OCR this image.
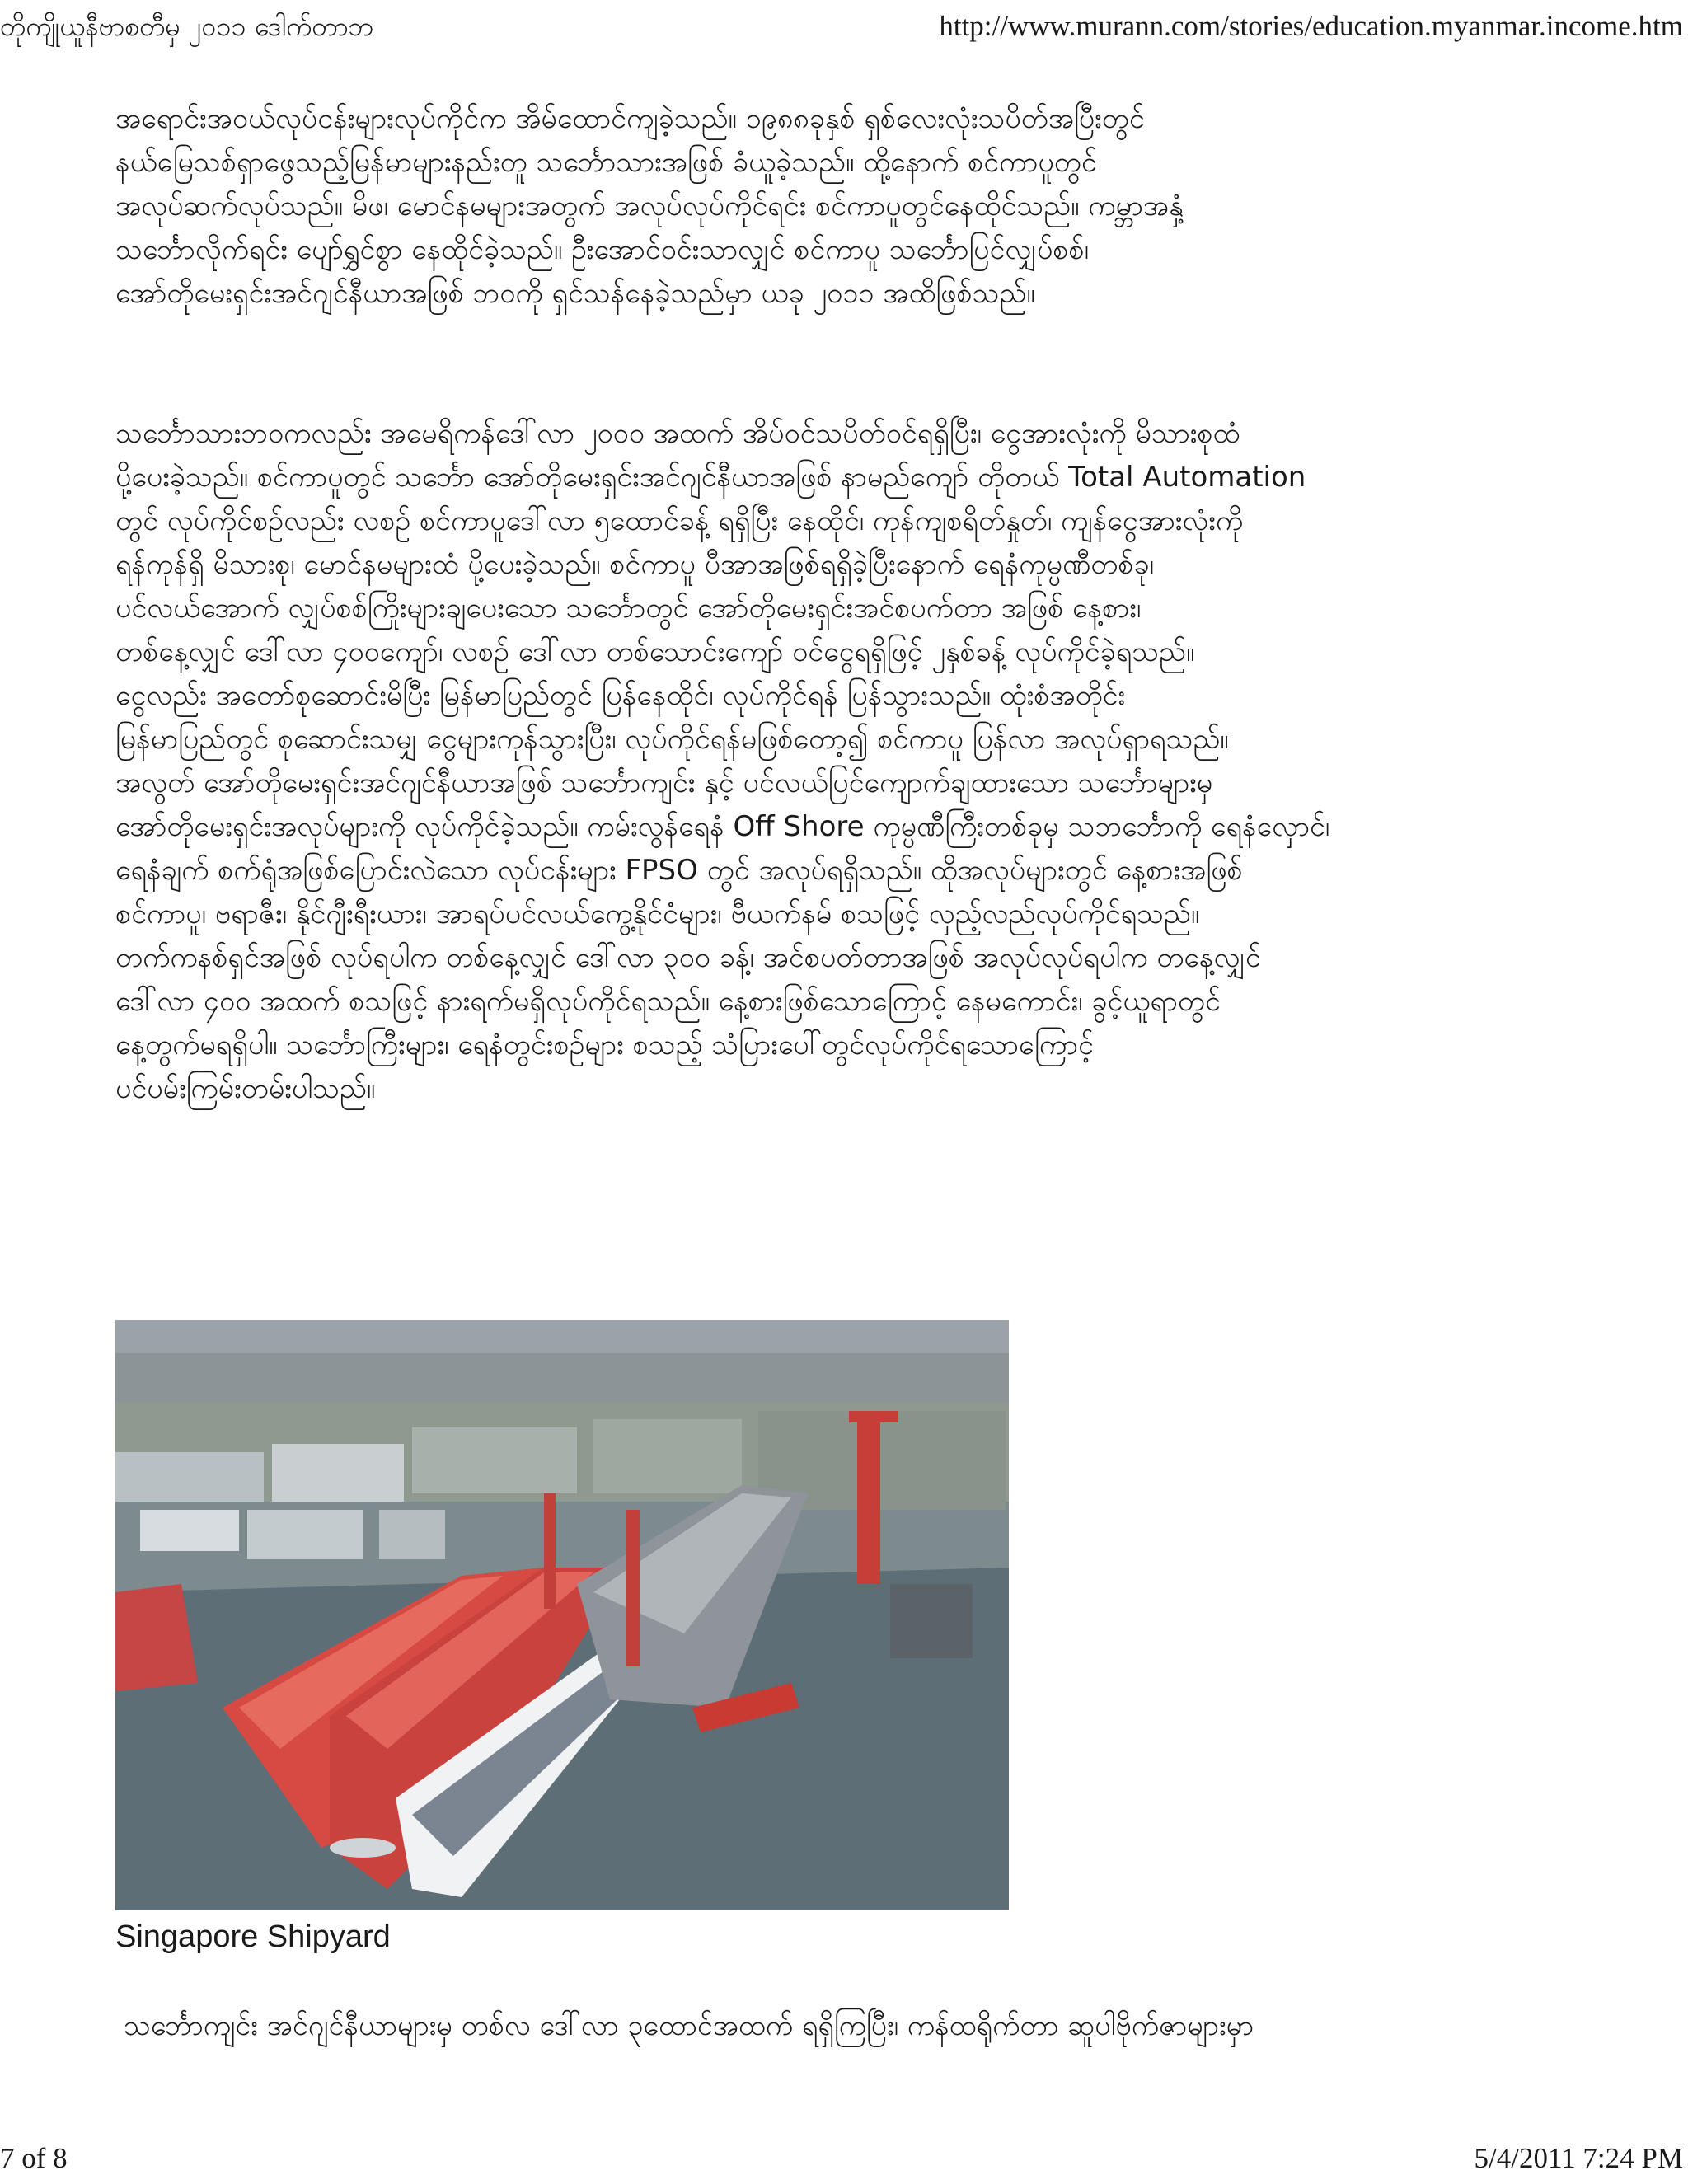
တိုကျိုယူနီဗာစတီမှ ၂၀၁၁ ဒေါက်တာဘ	http://www.murann.com/stories/education.myanmar.income.htm
အရောင်းအဝယ်လုပ်ငန်းများလုပ်ကိုင်က အိမ်ထောင်ကျခဲ့သည်။ ၁၉၈၈ခုနှစ် ရှစ်လေးလုံးသပိတ်အပြီးတွင်
နယ်မြေသစ်ရှာဖွေသည့်မြန်မာများနည်းတူ သင်္ဘောသားအဖြစ် ခံယူခဲ့သည်။ ထို့နောက် စင်ကာပူတွင်
အလုပ်ဆက်လုပ်သည်။ မိဖ၊ မောင်နမများအတွက် အလုပ်လုပ်ကိုင်ရင်း စင်ကာပူတွင်နေထိုင်သည်။ ကမ္ဘာအနှံ့
သင်္ဘောလိုက်ရင်း ပျော်ရွှင်စွာ နေထိုင်ခဲ့သည်။ ဦးအောင်ဝင်းသာလျှင် စင်ကာပူ သင်္ဘောပြင်လျှပ်စစ်၊
အော်တိုမေးရှင်းအင်ဂျင်နီယာအဖြစ် ဘဝကို ရှင်သန်နေခဲ့သည်မှာ ယခု ၂၀၁၁ အထိဖြစ်သည်။
သင်္ဘောသားဘဝကလည်း အမေရိကန်ဒေါ်လာ ၂၀၀၀ အထက် အိပ်ဝင်သပိတ်ဝင်ရရှိပြီး၊ ငွေအားလုံးကို မိသားစုထံ
ပို့ပေးခဲ့သည်။ စင်ကာပူတွင် သင်္ဘော အော်တိုမေးရှင်းအင်ဂျင်နီယာအဖြစ် နာမည်ကျော် တိုတယ် Total Automation
တွင် လုပ်ကိုင်စဉ်လည်း လစဉ် စင်ကာပူဒေါ်လာ ၅ထောင်ခန့် ရရှိပြီး နေထိုင်၊ ကုန်ကျစရိတ်နှုတ်၊ ကျန်ငွေအားလုံးကို
ရန်ကုန်ရှိ မိသားစု၊ မောင်နမများထံ ပို့ပေးခဲ့သည်။ စင်ကာပူ ပီအာအဖြစ်ရရှိခဲ့ပြီးနောက် ရေနံကုမ္ပဏီတစ်ခု၊
ပင်လယ်အောက် လျှပ်စစ်ကြိုးများချပေးသော သင်္ဘောတွင် အော်တိုမေးရှင်းအင်စပက်တာ အဖြစ် နေ့စား၊
တစ်နေ့လျှင် ဒေါ်လာ ၄၀၀ကျော်၊ လစဉ် ဒေါ်လာ တစ်သောင်းကျော် ဝင်ငွေရရှိဖြင့် ၂နှစ်ခန့် လုပ်ကိုင်ခဲ့ရသည်။
ငွေလည်း အတော်စုဆောင်းမိပြီး မြန်မာပြည်တွင် ပြန်နေထိုင်၊ လုပ်ကိုင်ရန် ပြန်သွားသည်။ ထုံးစံအတိုင်း
မြန်မာပြည်တွင် စုဆောင်းသမျှ ငွေများကုန်သွားပြီး၊ လုပ်ကိုင်ရန်မဖြစ်တော့၍ စင်ကာပူ ပြန်လာ အလုပ်ရှာရသည်။
အလွတ် အော်တိုမေးရှင်းအင်ဂျင်နီယာအဖြစ် သင်္ဘောကျင်း နှင့် ပင်လယ်ပြင်ကျောက်ချထားသော သင်္ဘောများမှ
အော်တိုမေးရှင်းအလုပ်များကို လုပ်ကိုင်ခဲ့သည်။ ကမ်းလွန်ရေနံ Off Shore ကုမ္ပဏီကြီးတစ်ခုမှ သဘင်္ဘောကို ရေနံလှောင်၊
ရေနံချက် စက်ရုံအဖြစ်ပြောင်းလဲသော လုပ်ငန်းများ FPSO တွင် အလုပ်ရရှိသည်။ ထိုအလုပ်များတွင် နေ့စားအဖြစ်
စင်ကာပူ၊ ဗရာဇီး၊ နိုင်ဂျီးရီးယား၊ အာရပ်ပင်လယ်ကွေ့နိုင်ငံများ၊ ဗီယက်နမ် စသဖြင့် လှည့်လည်လုပ်ကိုင်ရသည်။
တက်ကနစ်ရှင်အဖြစ် လုပ်ရပါက တစ်နေ့လျှင် ဒေါ်လာ ၃၀၀ ခန့်၊ အင်စပတ်တာအဖြစ် အလုပ်လုပ်ရပါက တနေ့လျှင်
ဒေါ်လာ ၄၀၀ အထက် စသဖြင့် နားရက်မရှိလုပ်ကိုင်ရသည်။ နေ့စားဖြစ်သောကြောင့် နေမကောင်း၊ ခွင့်ယူရာတွင်
နေ့တွက်မရရှိပါ။ သင်္ဘောကြီးများ၊ ရေနံတွင်းစဉ်များ စသည့် သံပြားပေါ်တွင်လုပ်ကိုင်ရသောကြောင့်
ပင်ပမ်းကြမ်းတမ်းပါသည်။
Singapore Shipyard
သင်္ဘောကျင်း အင်ဂျင်နီယာများမှ တစ်လ ဒေါ်လာ ၃ထောင်အထက် ရရှိကြပြီး၊ ကန်ထရိုက်တာ ဆူပါဗိုက်ဇာများမှာ
7 of 8	5/4/2011 7:24 PM
